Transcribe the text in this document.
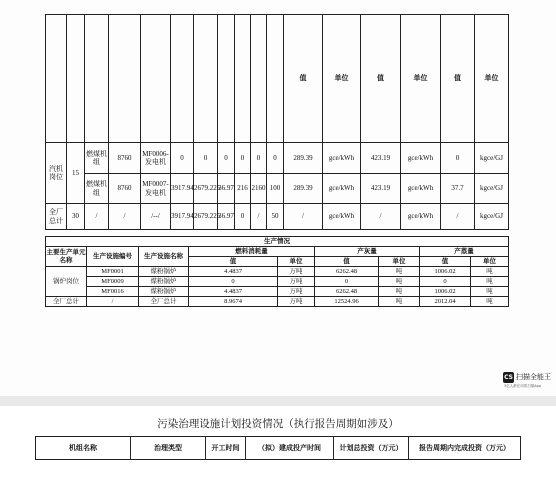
											值	单位	值	单位	值	单位
汽机岗位	15	燃煤机组	8760	MF0006-发电机	0	0	0	0	0	0	289.39	gce/kWh	423.19	gce/kWh	0	kgce/GJ
		燃煤机组	8760	MF0007-发电机	3917.94	2679.225	36.97	216	2160	100	289.39	gce/kWh	423.19	gce/kWh	37.7	kgce/GJ
全厂总计	30	/	/	/--/	3917.94	2679.225	36.97	0	/	50	/	gce/kWh	/	gce/kWh	/	kgce/GJ
生产情况								
主要生产单元名称	生产设施编号	生产设施名称	燃料消耗量		产灰量		产蒸量	
			值	单位	值	单位	值	单位
锅炉岗位	MF0001	煤粉锅炉	4.4837	万吨	6262.48	吨	1006.02	吨
	MF0009	煤粉锅炉	0	万吨	0	吨	0	吨
	MF0016	煤粉锅炉	4.4837	万吨	6262.48	吨	1006.02	吨
全厂总计	/	全厂总计	8.9674	万吨	12524.96	吨	2012.04	吨
CS 扫描全能王
3亿人都在用的扫描App
污染治理设施计划投资情况（执行报告周期如涉及）
机组名称	治理类型	开工时间	（拟）建成投产时间	计划总投资（万元）	报告周期内完成投资（万元）
